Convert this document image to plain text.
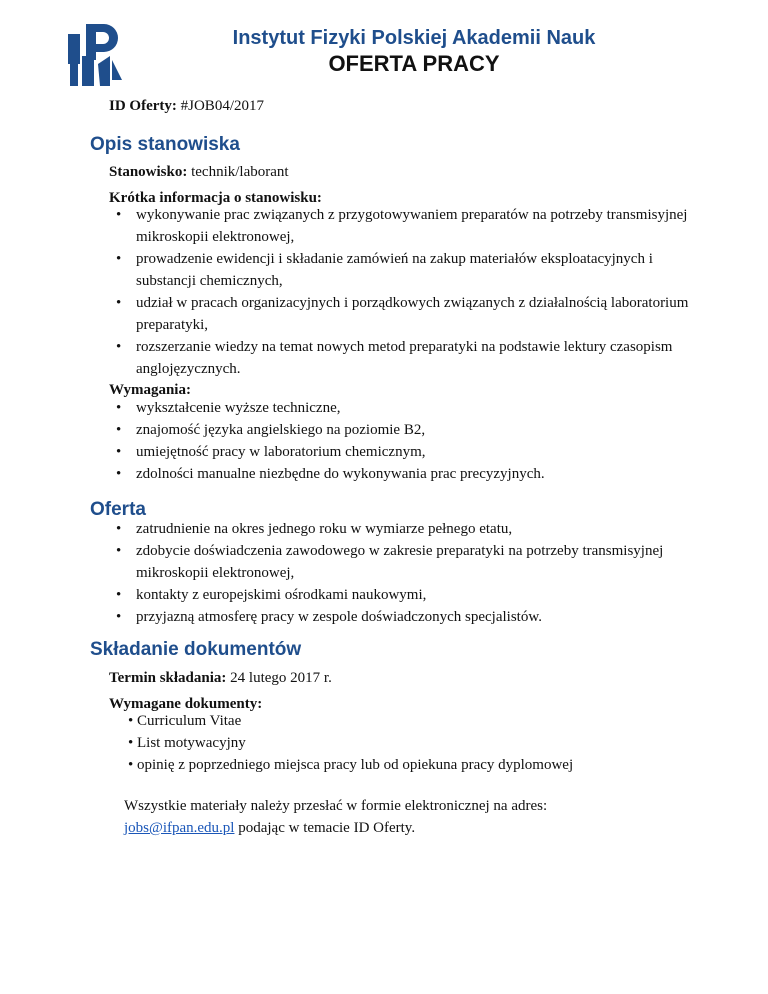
Instytut Fizyki Polskiej Akademii Nauk
OFERTA PRACY
ID Oferty: #JOB04/2017
Opis stanowiska
Stanowisko: technik/laborant
Krótka informacja o stanowisku:
• wykonywanie prac związanych z przygotowywaniem preparatów na potrzeby transmisyjnej mikroskopii elektronowej,
• prowadzenie ewidencji i składanie zamówień na zakup materiałów eksploatacyjnych i substancji chemicznych,
• udział w pracach organizacyjnych i porządkowych związanych z działalnością laboratorium preparatyki,
• rozszerzanie wiedzy na temat nowych metod preparatyki na podstawie lektury czasopism anglojęzycznych.
Wymagania:
• wykształcenie wyższe techniczne,
• znajomość języka angielskiego na poziomie B2,
• umiejętność pracy w laboratorium chemicznym,
• zdolności manualne niezbędne do wykonywania prac precyzyjnych.
Oferta
• zatrudnienie na okres jednego roku w wymiarze pełnego etatu,
• zdobycie doświadczenia zawodowego w zakresie preparatyki na potrzeby transmisyjnej mikroskopii elektronowej,
• kontakty z europejskimi ośrodkami naukowymi,
• przyjazną atmosferę pracy w zespole doświadczonych specjalistów.
Składanie dokumentów
Termin składania: 24 lutego 2017 r.
Wymagane dokumenty:
• Curriculum Vitae
• List motywacyjny
• opinię z poprzedniego miejsca pracy lub od opiekuna pracy dyplomowej
Wszystkie materiały należy przesłać w formie elektronicznej na adres:
jobs@ifpan.edu.pl podając w temacie ID Oferty.
